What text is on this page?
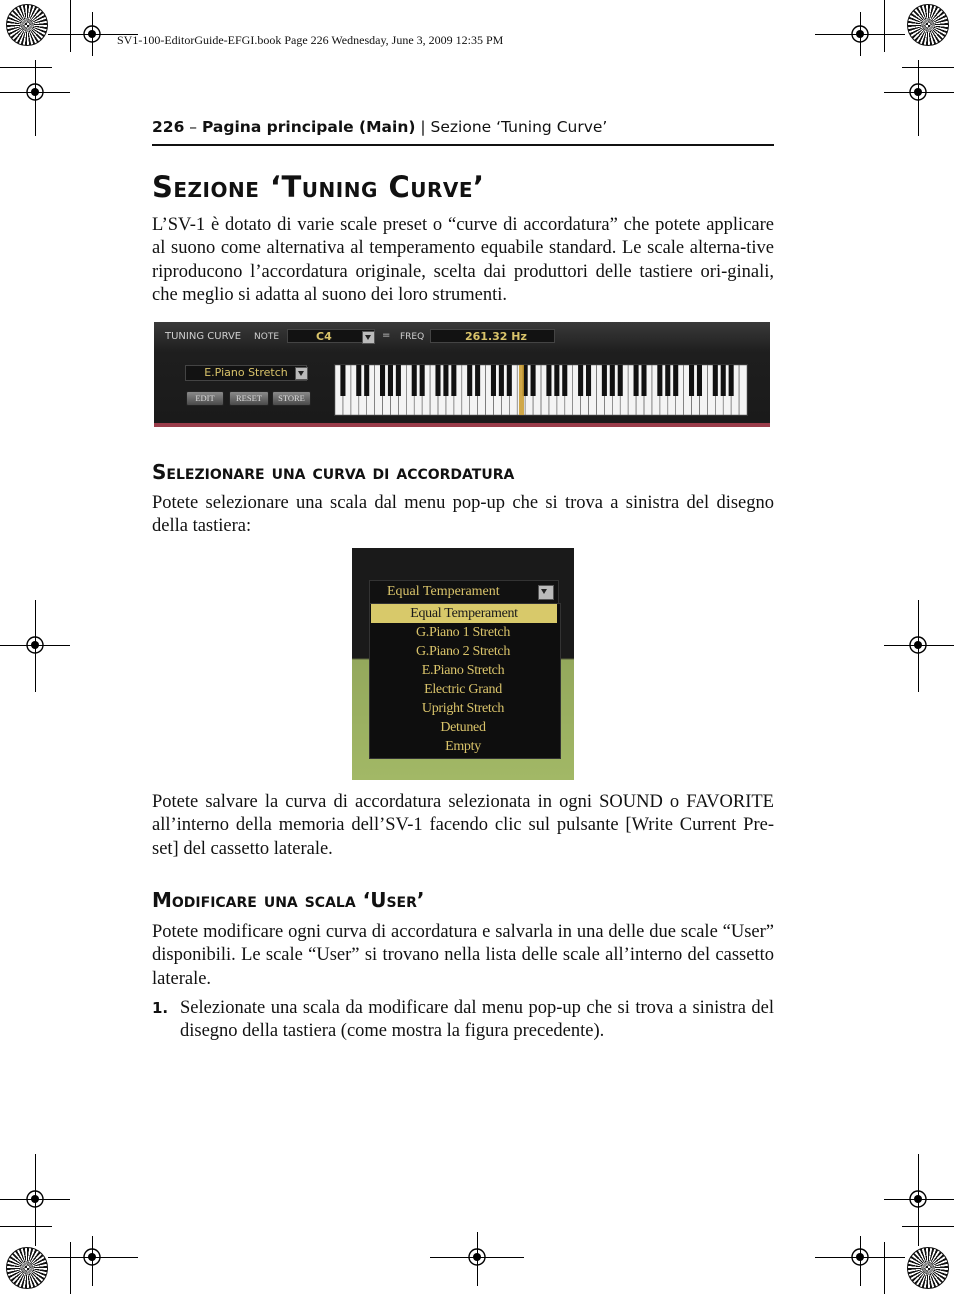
SV1-100-EditorGuide-EFGI.book Page 226 Wednesday, June 3, 2009 12:35 PM
226 – Pagina principale (Main) | Sezione ‘Tuning Curve’
Sezione ‘Tuning Curve’

L’SV-1 è dotato di varie scale preset o “curve di accordatura” che potete applicare al suono come alternativa al temperamento equabile standard. Le scale alterna-tive riproducono l’accordatura originale, scelta dai produttori delle tastiere ori-ginali, che meglio si adatta al suono dei loro strumenti.

TUNING CURVE NOTE	C4	= FREQ	261.32 Hz
E.Piano Stretch
EDIT	RESET	STORE
Selezionare una curva di accordatura

Potete selezionare una scala dal menu pop-up che si trova a sinistra del disegno della tastiera:

Equal Temperament
Equal Temperament
G.Piano 1 Stretch
G.Piano 2 Stretch
E.Piano Stretch
Electric Grand
Upright Stretch
Detuned
Empty

Potete salvare la curva di accordatura selezionata in ogni SOUND o FAVORITE all’interno della memoria dell’SV-1 facendo clic sul pulsante [Write Current Pre-set] del cassetto laterale.

Modificare una scala ‘User’

Potete modificare ogni curva di accordatura e salvarla in una delle due scale “User” disponibili. Le scale “User” si trovano nella lista delle scale all’interno del cassetto laterale.

1. Selezionate una scala da modificare dal menu pop-up che si trova a sinistra del disegno della tastiera (come mostra la figura precedente).
